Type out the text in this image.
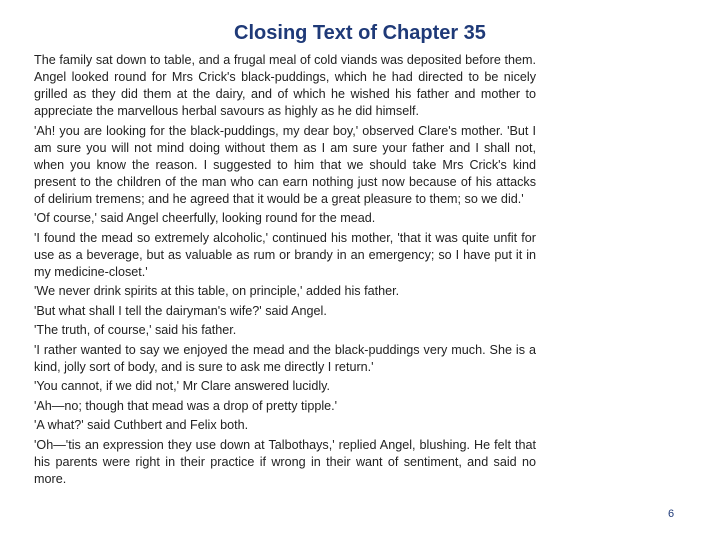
Closing Text of Chapter 35

The family sat down to table, and a frugal meal of cold viands was deposited before them. Angel looked round for Mrs Crick's black-puddings, which he had directed to be nicely grilled as they did them at the dairy, and of which he wished his father and mother to appreciate the marvellous herbal savours as highly as he did himself.

'Ah! you are looking for the black-puddings, my dear boy,' observed Clare's mother. 'But I am sure you will not mind doing without them as I am sure your father and I shall not, when you know the reason. I suggested to him that we should take Mrs Crick's kind present to the children of the man who can earn nothing just now because of his attacks of delirium tremens; and he agreed that it would be a great pleasure to them; so we did.'

'Of course,' said Angel cheerfully, looking round for the mead.

'I found the mead so extremely alcoholic,' continued his mother, 'that it was quite unfit for use as a beverage, but as valuable as rum or brandy in an emergency; so I have put it in my medicine-closet.'

'We never drink spirits at this table, on principle,' added his father.

'But what shall I tell the dairyman's wife?' said Angel.

'The truth, of course,' said his father.

'I rather wanted to say we enjoyed the mead and the black-puddings very much. She is a kind, jolly sort of body, and is sure to ask me directly I return.'

'You cannot, if we did not,' Mr Clare answered lucidly.

'Ah—no; though that mead was a drop of pretty tipple.'

'A what?' said Cuthbert and Felix both.

'Oh—'tis an expression they use down at Talbothays,' replied Angel, blushing. He felt that his parents were right in their practice if wrong in their want of sentiment, and said no more.

6
